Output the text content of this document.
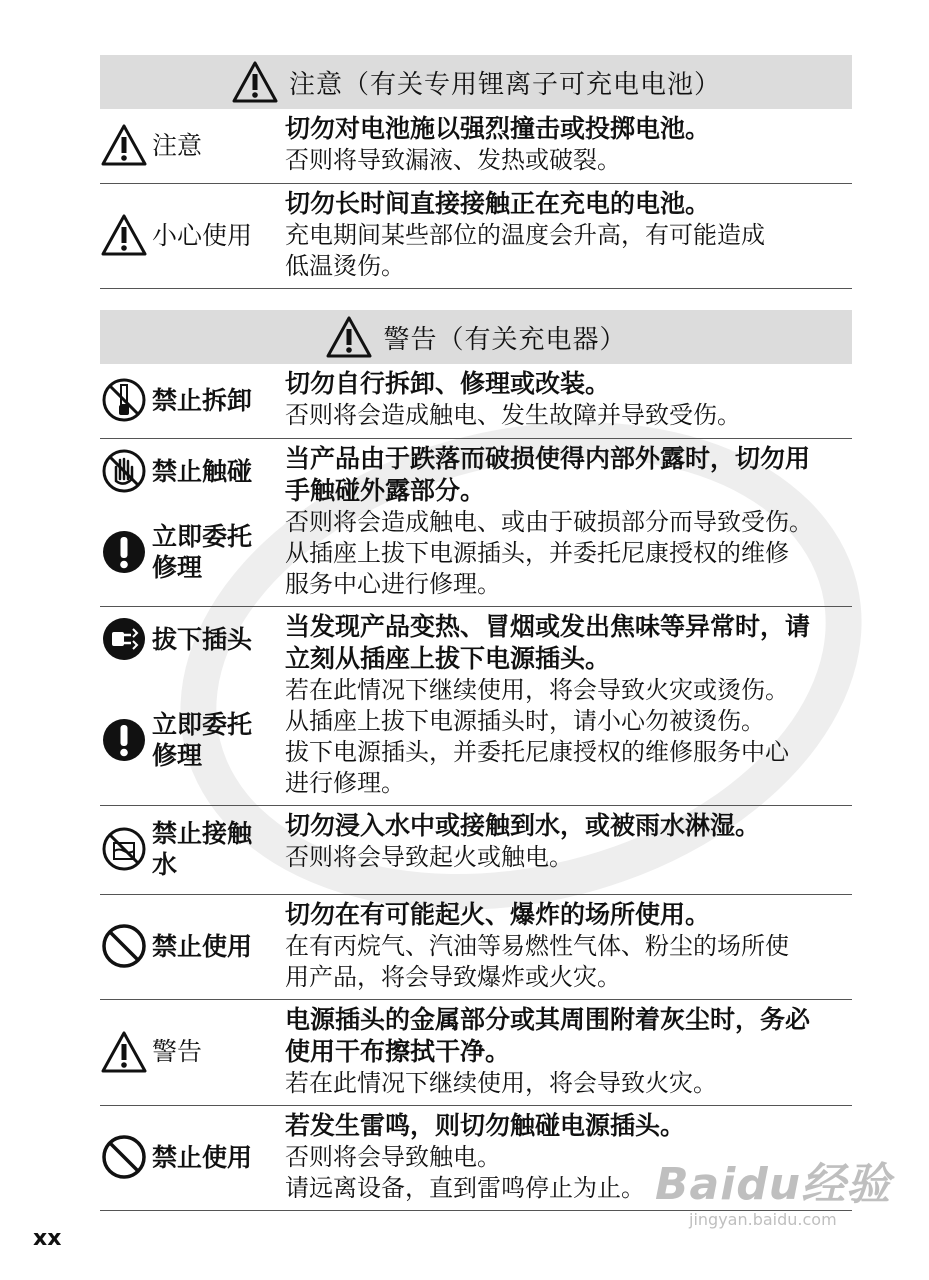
注意（有关专用锂离子可充电电池）
注意
切勿对电池施以强烈撞击或投掷电池。
否则将导致漏液、发热或破裂。
小心使用
切勿长时间直接接触正在充电的电池。
充电期间某些部位的温度会升高，有可能造成
低温烫伤。
警告（有关充电器）
禁止拆卸
切勿自行拆卸、修理或改装。
否则将会造成触电、发生故障并导致受伤。
禁止触碰
立即委托修理
当产品由于跌落而破损使得内部外露时，切勿用
手触碰外露部分。
否则将会造成触电、或由于破损部分而导致受伤。
从插座上拔下电源插头，并委托尼康授权的维修
服务中心进行修理。
拔下插头
立即委托修理
当发现产品变热、冒烟或发出焦味等异常时，请
立刻从插座上拔下电源插头。
若在此情况下继续使用，将会导致火灾或烫伤。
从插座上拔下电源插头时，请小心勿被烫伤。
拔下电源插头，并委托尼康授权的维修服务中心
进行修理。
禁止接触水
切勿浸入水中或接触到水，或被雨水淋湿。
否则将会导致起火或触电。
禁止使用
切勿在有可能起火、爆炸的场所使用。
在有丙烷气、汽油等易燃性气体、粉尘的场所使
用产品，将会导致爆炸或火灾。
警告
电源插头的金属部分或其周围附着灰尘时，务必
使用干布擦拭干净。
若在此情况下继续使用，将会导致火灾。
禁止使用
若发生雷鸣，则切勿触碰电源插头。
否则将会导致触电。
请远离设备，直到雷鸣停止为止。
xx
Baidu经验
jingyan.baidu.com
